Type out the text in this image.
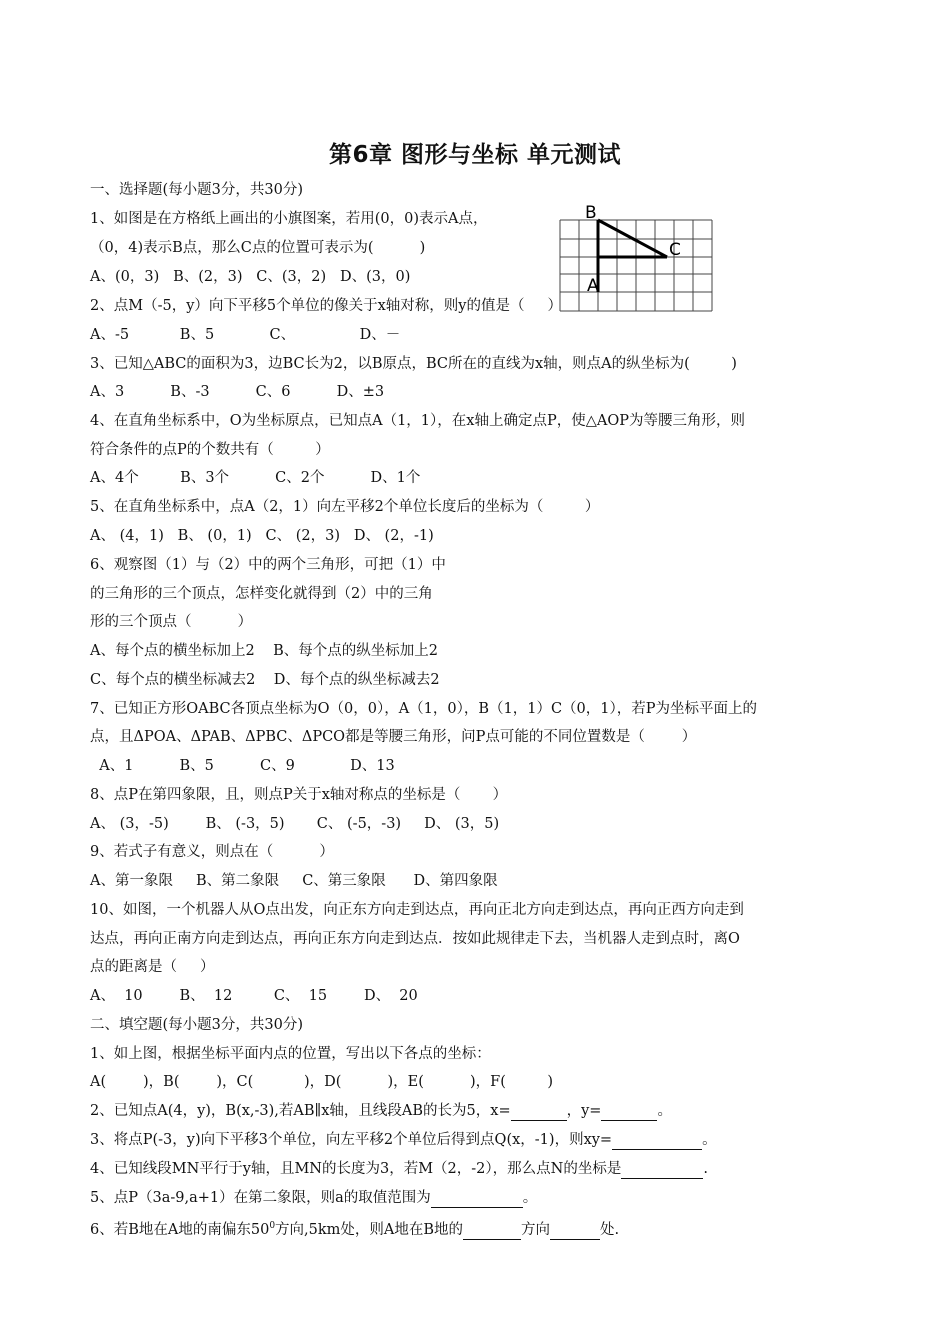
第6章 图形与坐标 单元测试
一、选择题(每小题3分，共30分)
1、如图是在方格纸上画出的小旗图案，若用(0，0)表示A点，
（0，4)表示B点，那么C点的位置可表示为(          )
A、(0，3)   B、(2，3)   C、(3，2)   D、(3，0)
2、点M（-5，y）向下平移5个单位的像关于x轴对称，则y的值是（     ）
A、-5           B、5            C、              D、－
3、已知△ABC的面积为3，边BC长为2，以B原点，BC所在的直线为x轴，则点A的纵坐标为(         )
A、3          B、-3          C、6          D、±3
4、在直角坐标系中，O为坐标原点，已知点A（1，1），在x轴上确定点P，使△AOP为等腰三角形，则
符合条件的点P的个数共有（         ）
A、4个         B、3个          C、2个          D、1个
5、在直角坐标系中，点A（2，1）向左平移2个单位长度后的坐标为（         ）
A、 (4，1)   B、 (0，1)   C、 (2，3)   D、 (2，-1)
6、观察图（1）与（2）中的两个三角形，可把（1）中
的三角形的三个顶点，怎样变化就得到（2）中的三角
形的三个顶点（          ）
A、每个点的横坐标加上2    B、每个点的纵坐标加上2
C、每个点的横坐标减去2    D、每个点的纵坐标减去2
7、已知正方形OABC各顶点坐标为O（0，0），A（1，0），B（1，1）C（0，1），若P为坐标平面上的
点，且ΔPOA、ΔPAB、ΔPBC、ΔPCO都是等腰三角形，问P点可能的不同位置数是（        ）
A、1          B、5          C、9            D、13
8、点P在第四象限，且，则点P关于x轴对称点的坐标是（       ）
A、 (3，-5)        B、 (-3，5)       C、 (-5，-3)     D、 (3，5)
9、若式子有意义，则点在（          ）
A、第一象限     B、第二象限     C、第三象限      D、第四象限
10、如图，一个机器人从O点出发，向正东方向走到达点，再向正北方向走到达点，再向正西方向走到
达点，再向正南方向走到达点，再向正东方向走到达点．按如此规律走下去，当机器人走到点时，离O
点的距离是（     ）
A、  10        B、  12         C、  15        D、  20
二、填空题(每小题3分，共30分)
1、如上图，根据坐标平面内点的位置，写出以下各点的坐标：
A(        )，B(        )，C(           )，D(          )，E(          )，F(         )
2、已知点A(4，y)，B(x,-3),若AB∥x轴，且线段AB的长为5，x=	，y=	。
3、将点P(-3，y)向下平移3个单位，向左平移2个单位后得到点Q(x，-1)，则xy=	。
4、已知线段MN平行于y轴，且MN的长度为3，若M（2，-2），那么点N的坐标是	.
5、点P（3a-9,a+1）在第二象限，则a的取值范围为	。
6、若B地在A地的南偏东$50^0$方向,5km处，则A地在B地的	方向	处.
B
C
A
